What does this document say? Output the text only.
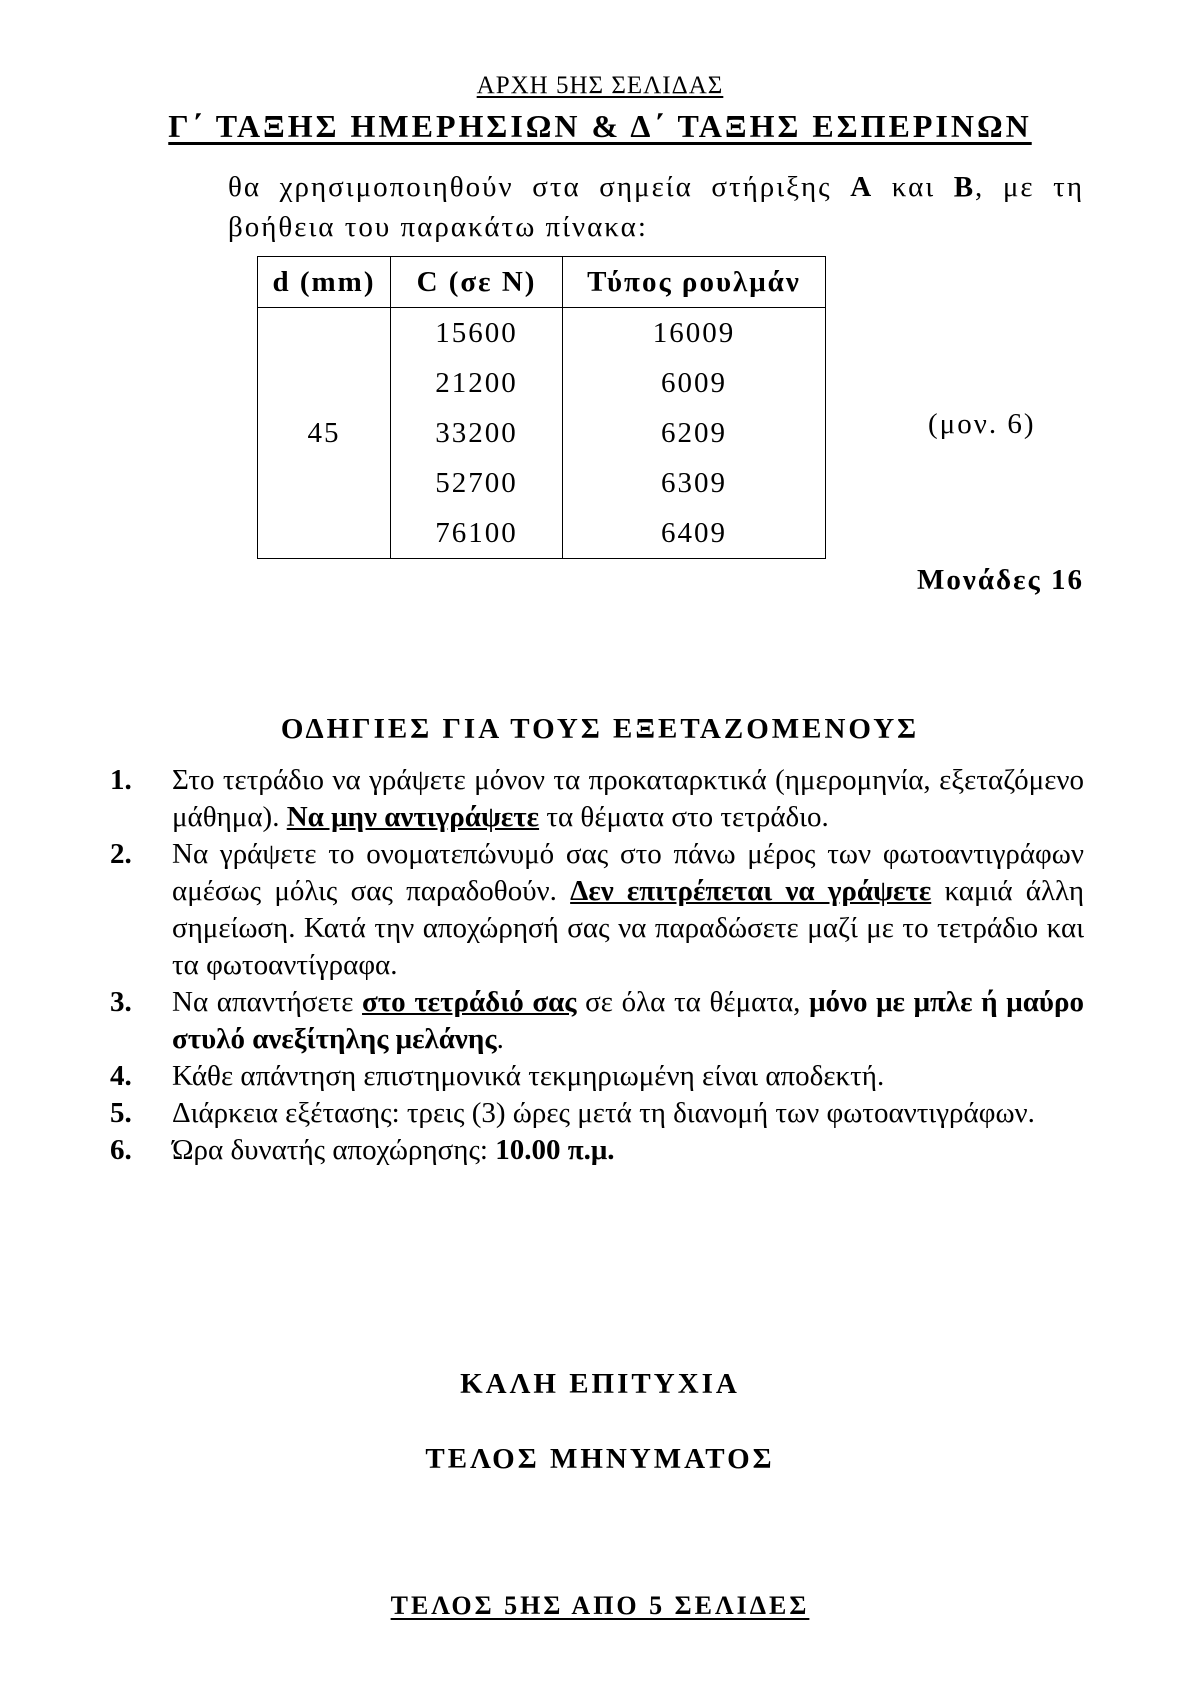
ΑΡΧΗ 5ΗΣ ΣΕΛΙΔΑΣ
Γ΄ ΤΑΞΗΣ ΗΜΕΡΗΣΙΩΝ & Δ΄ ΤΑΞΗΣ ΕΣΠΕΡΙΝΩΝ
θα χρησιμοποιηθούν στα σημεία στήριξης Α και Β, με τη βοήθεια του παρακάτω πίνακα:
d (mm)	C (σε Ν)	Τύπος ρουλμάν
45	15600	16009
	21200	6009
	33200	6209
	52700	6309
	76100	6409
(μον. 6)
Μονάδες 16
ΟΔΗΓΙΕΣ ΓΙΑ ΤΟΥΣ ΕΞΕΤΑΖΟΜΕΝΟΥΣ
1. Στο τετράδιο να γράψετε μόνον τα προκαταρκτικά (ημερομηνία, εξεταζόμενο μάθημα). Να μην αντιγράψετε τα θέματα στο τετράδιο.
2. Να γράψετε το ονοματεπώνυμό σας στο πάνω μέρος των φωτοαντιγράφων αμέσως μόλις σας παραδοθούν. Δεν επιτρέπεται να γράψετε καμιά άλλη σημείωση. Κατά την αποχώρησή σας να παραδώσετε μαζί με το τετράδιο και τα φωτοαντίγραφα.
3. Να απαντήσετε στο τετράδιό σας σε όλα τα θέματα, μόνο με μπλε ή μαύρο στυλό ανεξίτηλης μελάνης.
4. Κάθε απάντηση επιστημονικά τεκμηριωμένη είναι αποδεκτή.
5. Διάρκεια εξέτασης: τρεις (3) ώρες μετά τη διανομή των φωτοαντιγράφων.
6. Ώρα δυνατής αποχώρησης: 10.00 π.μ.
ΚΑΛΗ ΕΠΙΤΥΧΙΑ
ΤΕΛΟΣ ΜΗΝΥΜΑΤΟΣ
ΤΕΛΟΣ 5ΗΣ ΑΠΟ 5 ΣΕΛΙΔΕΣ
